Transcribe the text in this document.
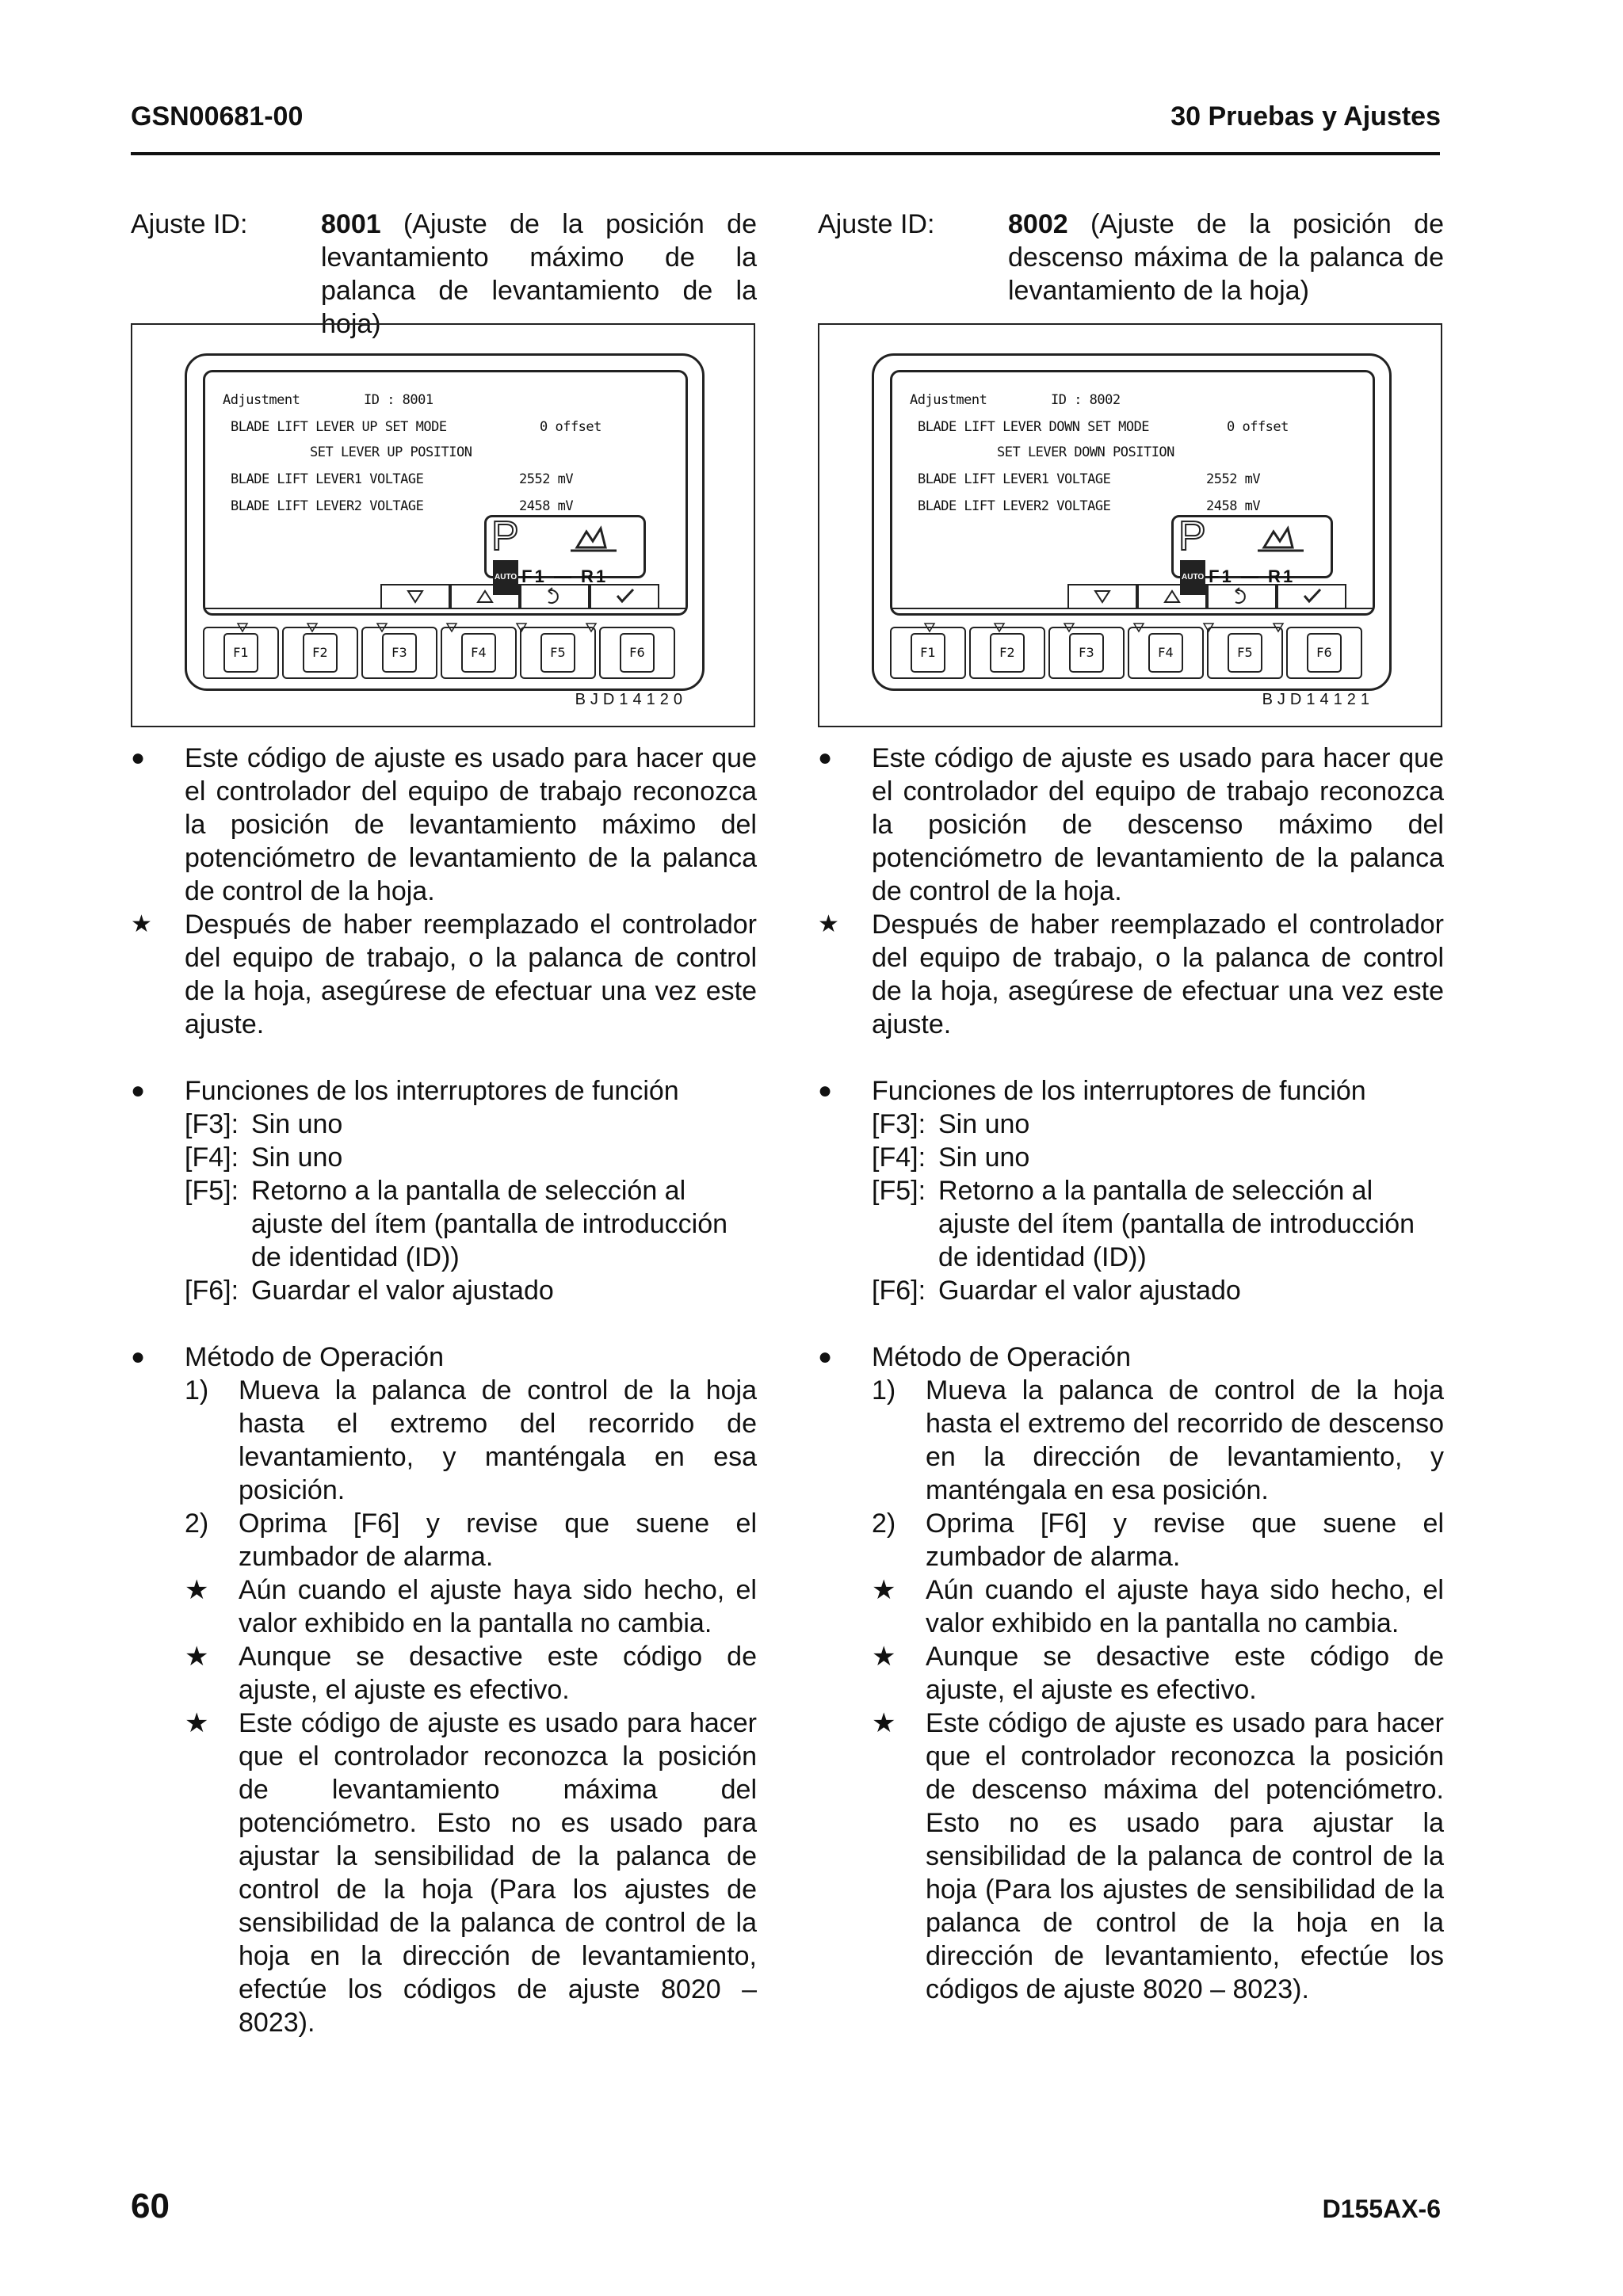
GSN00681-00	30 Pruebas y Ajustes
Ajuste ID:	8001 (Ajuste de la posición de levantamiento máximo de la palanca de levantamiento de la hoja)
Adjustment	ID : 8001
BLADE LIFT LEVER UP SET MODE	0 offset
SET LEVER UP POSITION
BLADE LIFT LEVER1 VOLTAGE	2552 mV
BLADE LIFT LEVER2 VOLTAGE	2458 mV
P
AUTO F1 — R1
F1	F2	F3	F4	F5	F6
BJD14120
●	Este código de ajuste es usado para hacer que el controlador del equipo de trabajo reconozca la posición de levantamiento máximo del potenciómetro de levantamiento de la palanca de control de la hoja.
★	Después de haber reemplazado el controlador del equipo de trabajo, o la palanca de control de la hoja, asegúrese de efectuar una vez este ajuste.
●	Funciones de los interruptores de función
[F3]: Sin uno
[F4]: Sin uno
[F5]: Retorno a la pantalla de selección al ajuste del ítem (pantalla de introducción de identidad (ID))
[F6]: Guardar el valor ajustado
●	Método de Operación
1)	Mueva la palanca de control de la hoja hasta el extremo del recorrido de levantamiento, y manténgala en esa posición.
2)	Oprima [F6] y revise que suene el zumbador de alarma.
★	Aún cuando el ajuste haya sido hecho, el valor exhibido en la pantalla no cambia.
★	Aunque se desactive este código de ajuste, el ajuste es efectivo.
★	Este código de ajuste es usado para hacer que el controlador reconozca la posición de levantamiento máxima del potenciómetro. Esto no es usado para ajustar la sensibilidad de la palanca de control de la hoja (Para los ajustes de sensibilidad de la palanca de control de la hoja en la dirección de levantamiento, efectúe los códigos de ajuste 8020 – 8023).
Ajuste ID:	8002 (Ajuste de la posición de descenso máxima de la palanca de levantamiento de la hoja)
Adjustment	ID : 8002
BLADE LIFT LEVER DOWN SET MODE	0 offset
SET LEVER DOWN POSITION
BLADE LIFT LEVER1 VOLTAGE	2552 mV
BLADE LIFT LEVER2 VOLTAGE	2458 mV
P
AUTO F1 — R1
F1	F2	F3	F4	F5	F6
BJD14121
●	Este código de ajuste es usado para hacer que el controlador del equipo de trabajo reconozca la posición de descenso máximo del potenciómetro de levantamiento de la palanca de control de la hoja.
★	Después de haber reemplazado el controlador del equipo de trabajo, o la palanca de control de la hoja, asegúrese de efectuar una vez este ajuste.
●	Funciones de los interruptores de función
[F3]: Sin uno
[F4]: Sin uno
[F5]: Retorno a la pantalla de selección al ajuste del ítem (pantalla de introducción de identidad (ID))
[F6]: Guardar el valor ajustado
●	Método de Operación
1)	Mueva la palanca de control de la hoja hasta el extremo del recorrido de descenso en la dirección de levantamiento, y manténgala en esa posición.
2)	Oprima [F6] y revise que suene el zumbador de alarma.
★	Aún cuando el ajuste haya sido hecho, el valor exhibido en la pantalla no cambia.
★	Aunque se desactive este código de ajuste, el ajuste es efectivo.
★	Este código de ajuste es usado para hacer que el controlador reconozca la posición de descenso máxima del potenciómetro. Esto no es usado para ajustar la sensibilidad de la palanca de control de la hoja (Para los ajustes de sensibilidad de la palanca de control de la hoja en la dirección de levantamiento, efectúe los códigos de ajuste 8020 – 8023).
60	D155AX-6
